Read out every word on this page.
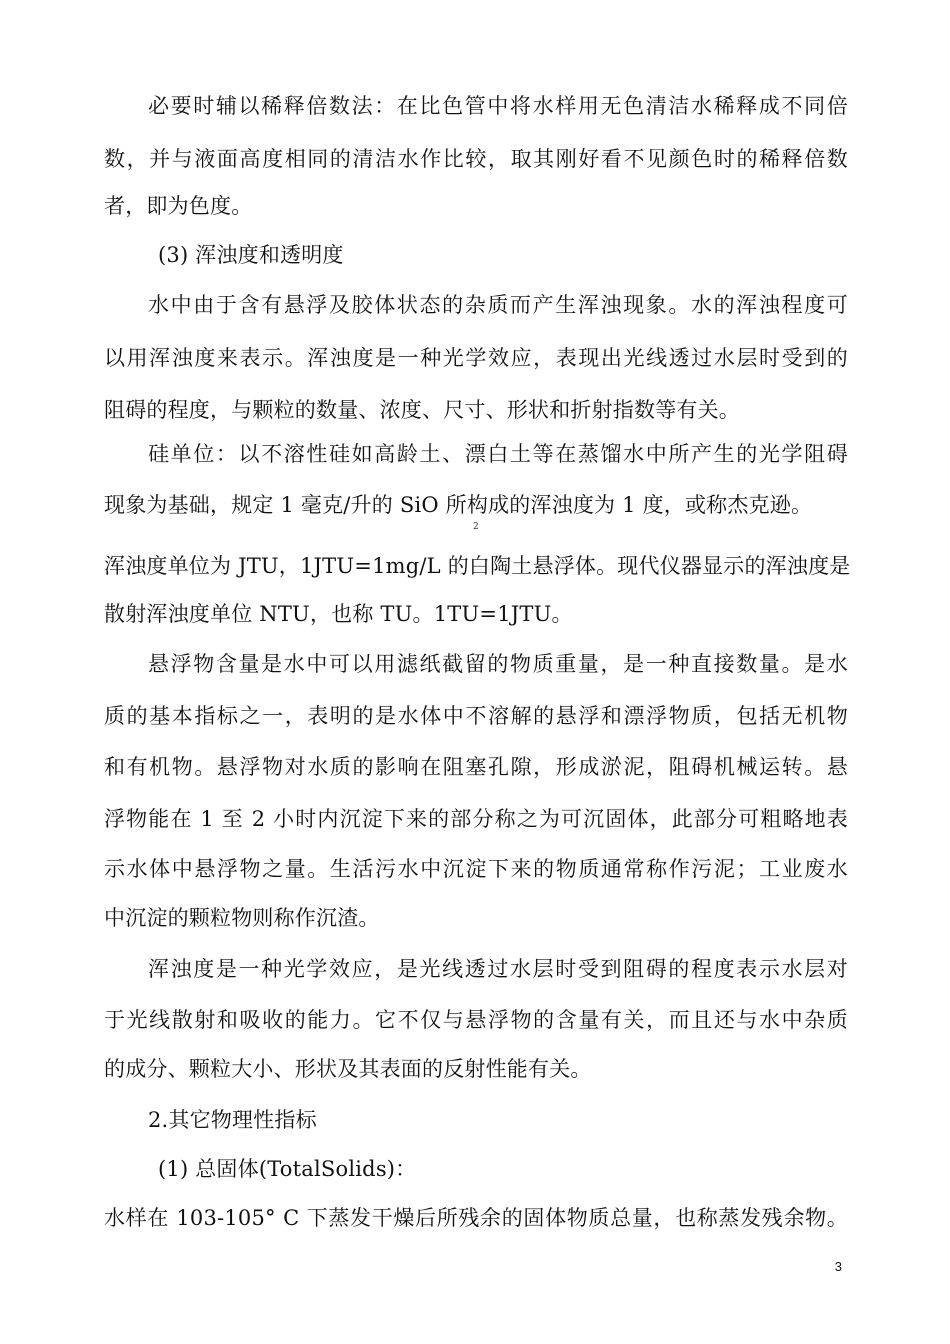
必要时辅以稀释倍数法：在比色管中将水样用无色清洁水稀释成不同倍
数，并与液面高度相同的清洁水作比较，取其刚好看不见颜色时的稀释倍数
者，即为色度。
(3) 浑浊度和透明度
水中由于含有悬浮及胶体状态的杂质而产生浑浊现象。水的浑浊程度可
以用浑浊度来表示。浑浊度是一种光学效应，表现出光线透过水层时受到的
阻碍的程度，与颗粒的数量、浓度、尺寸、形状和折射指数等有关。
硅单位：以不溶性硅如高龄土、漂白土等在蒸馏水中所产生的光学阻碍
现象为基础，规定 1 毫克/升的 SiO 所构成的浑浊度为 1 度，或称杰克逊。
2
浑浊度单位为 JTU，1JTU=1mg/L 的白陶土悬浮体。现代仪器显示的浑浊度是
散射浑浊度单位 NTU，也称 TU。1TU=1JTU。
悬浮物含量是水中可以用滤纸截留的物质重量，是一种直接数量。是水
质的基本指标之一，表明的是水体中不溶解的悬浮和漂浮物质，包括无机物
和有机物。悬浮物对水质的影响在阻塞孔隙，形成淤泥，阻碍机械运转。悬
浮物能在 1 至 2 小时内沉淀下来的部分称之为可沉固体，此部分可粗略地表
示水体中悬浮物之量。生活污水中沉淀下来的物质通常称作污泥；工业废水
中沉淀的颗粒物则称作沉渣。
浑浊度是一种光学效应，是光线透过水层时受到阻碍的程度表示水层对
于光线散射和吸收的能力。它不仅与悬浮物的含量有关，而且还与水中杂质
的成分、颗粒大小、形状及其表面的反射性能有关。
2.其它物理性指标
(1) 总固体(TotalSolids)：
水样在 103-105° C 下蒸发干燥后所残余的固体物质总量，也称蒸发残余物。
3
